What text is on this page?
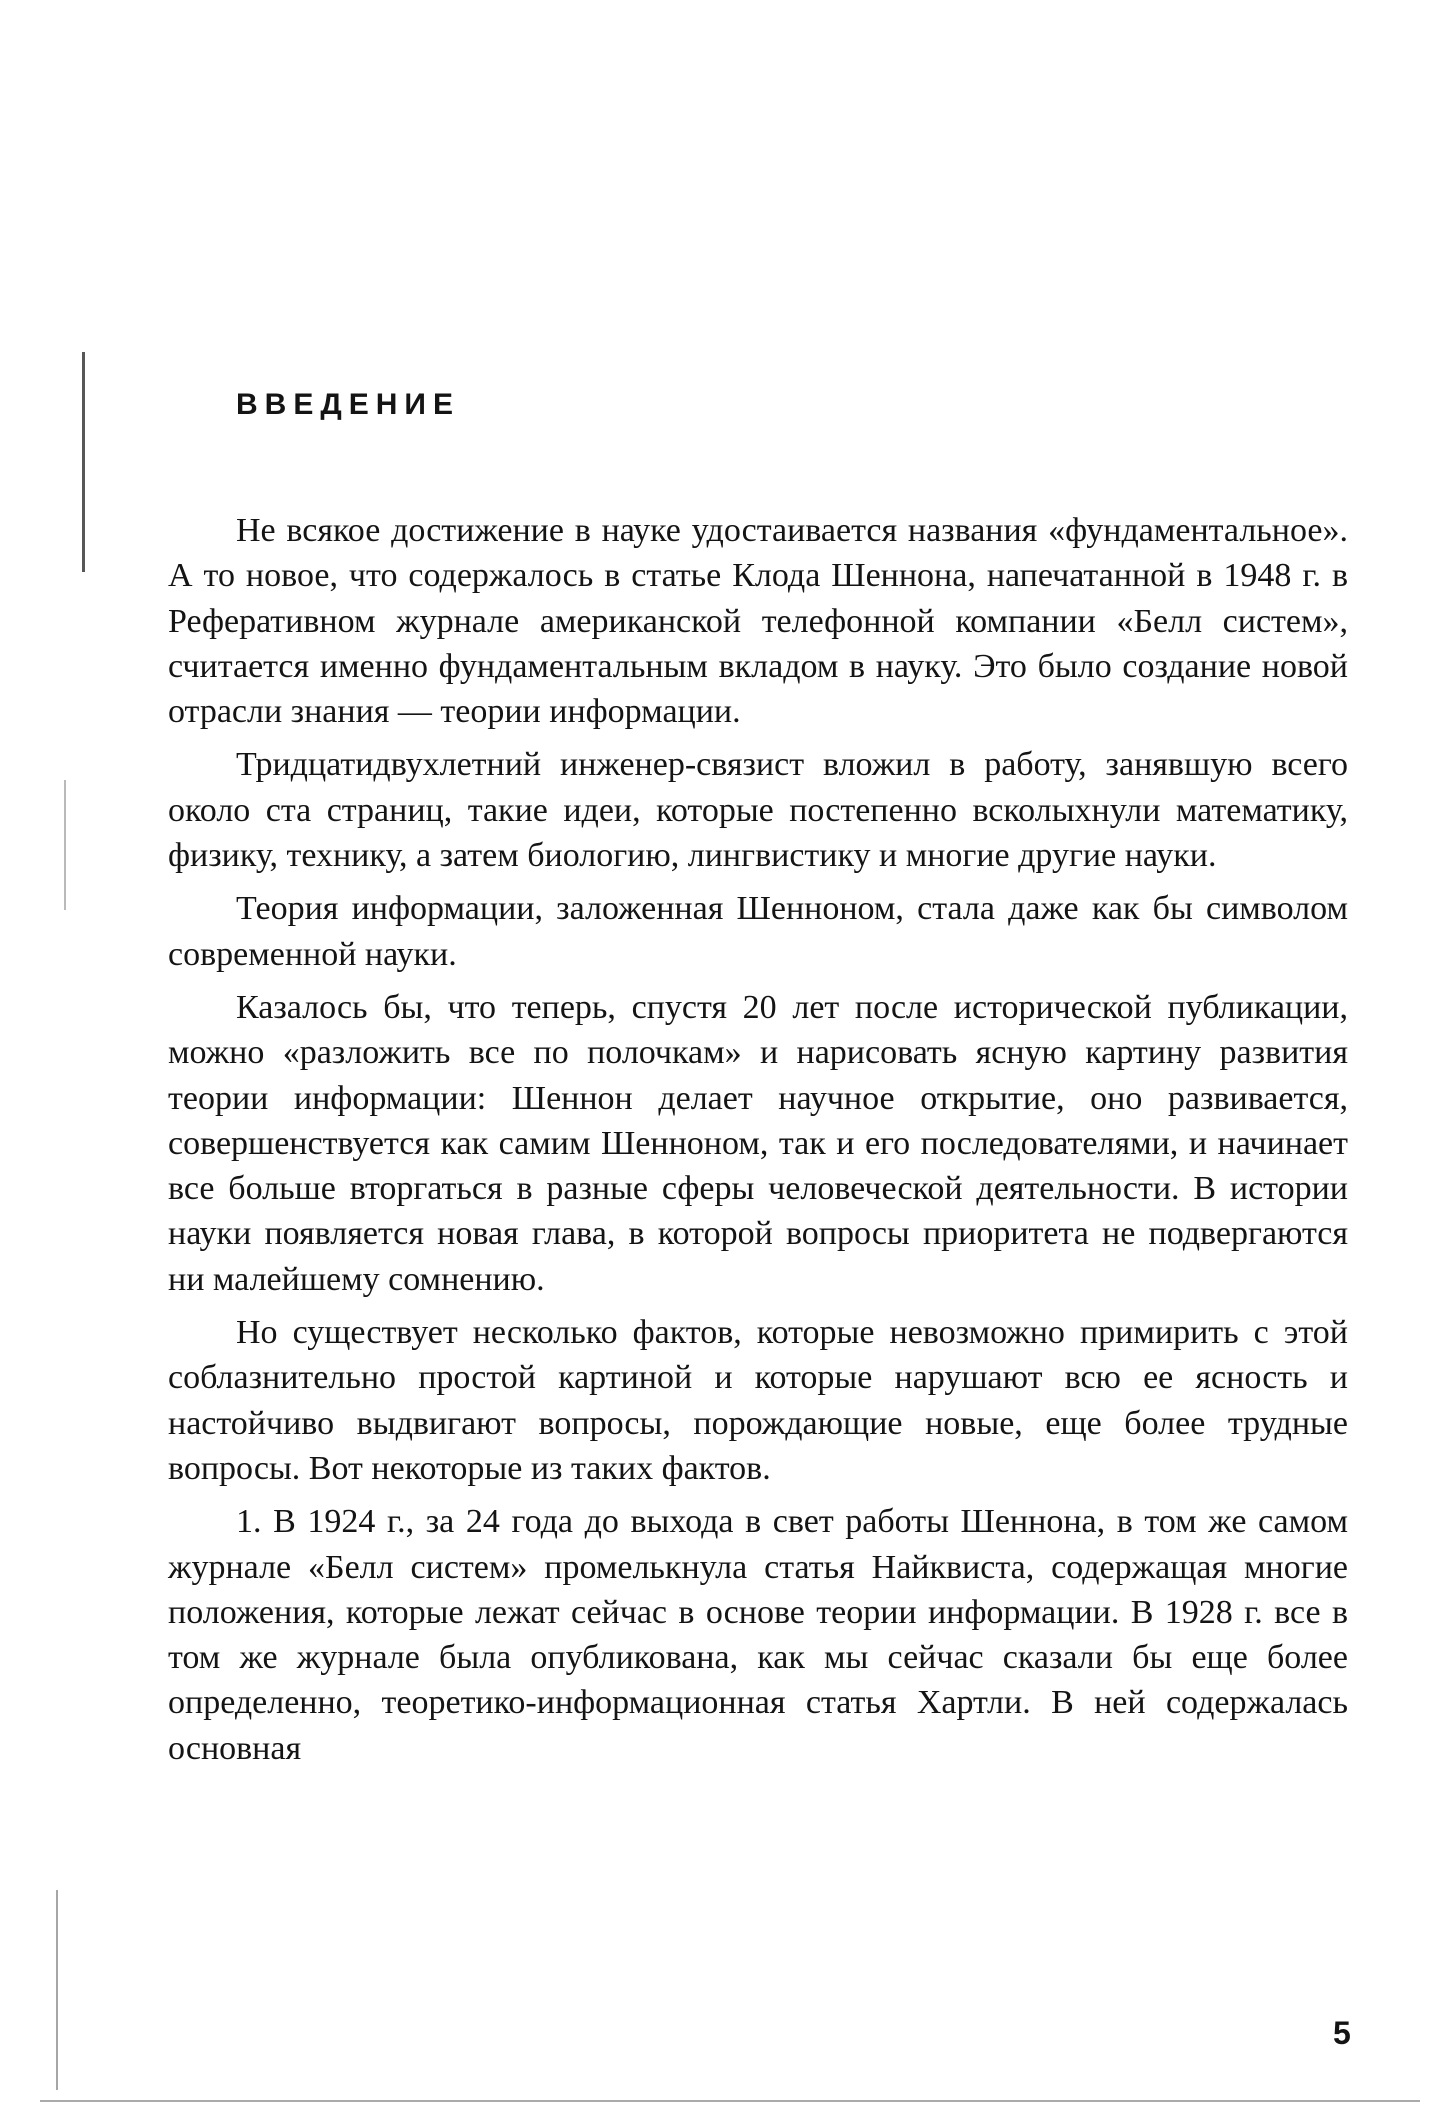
ВВЕДЕНИЕ

Не всякое достижение в науке удостаивается названия «фундаментальное». А то новое, что содержалось в статье Клода Шеннона, напечатанной в 1948 г. в Реферативном журнале американской телефонной компании «Белл систем», считается именно фундаментальным вкладом в науку. Это было создание новой отрасли знания — теории информации.

Тридцатидвухлетний инженер-связист вложил в работу, занявшую всего около ста страниц, такие идеи, которые постепенно всколыхнули математику, физику, технику, а затем биологию, лингвистику и многие другие науки.

Теория информации, заложенная Шенноном, стала даже как бы символом современной науки.

Казалось бы, что теперь, спустя 20 лет после исторической публикации, можно «разложить все по полочкам» и нарисовать ясную картину развития теории информации: Шеннон делает научное открытие, оно развивается, совершенствуется как самим Шенноном, так и его последователями, и начинает все больше вторгаться в разные сферы человеческой деятельности. В истории науки появляется новая глава, в которой вопросы приоритета не подвергаются ни малейшему сомнению.

Но существует несколько фактов, которые невозможно примирить с этой соблазнительно простой картиной и которые нарушают всю ее ясность и настойчиво выдвигают вопросы, порождающие новые, еще более трудные вопросы. Вот некоторые из таких фактов.

1. В 1924 г., за 24 года до выхода в свет работы Шеннона, в том же самом журнале «Белл систем» промелькнула статья Найквиста, содержащая многие положения, которые лежат сейчас в основе теории информации. В 1928 г. все в том же журнале была опубликована, как мы сейчас сказали бы еще более определенно, теоретико-информационная статья Хартли. В ней содержалась основная

5
